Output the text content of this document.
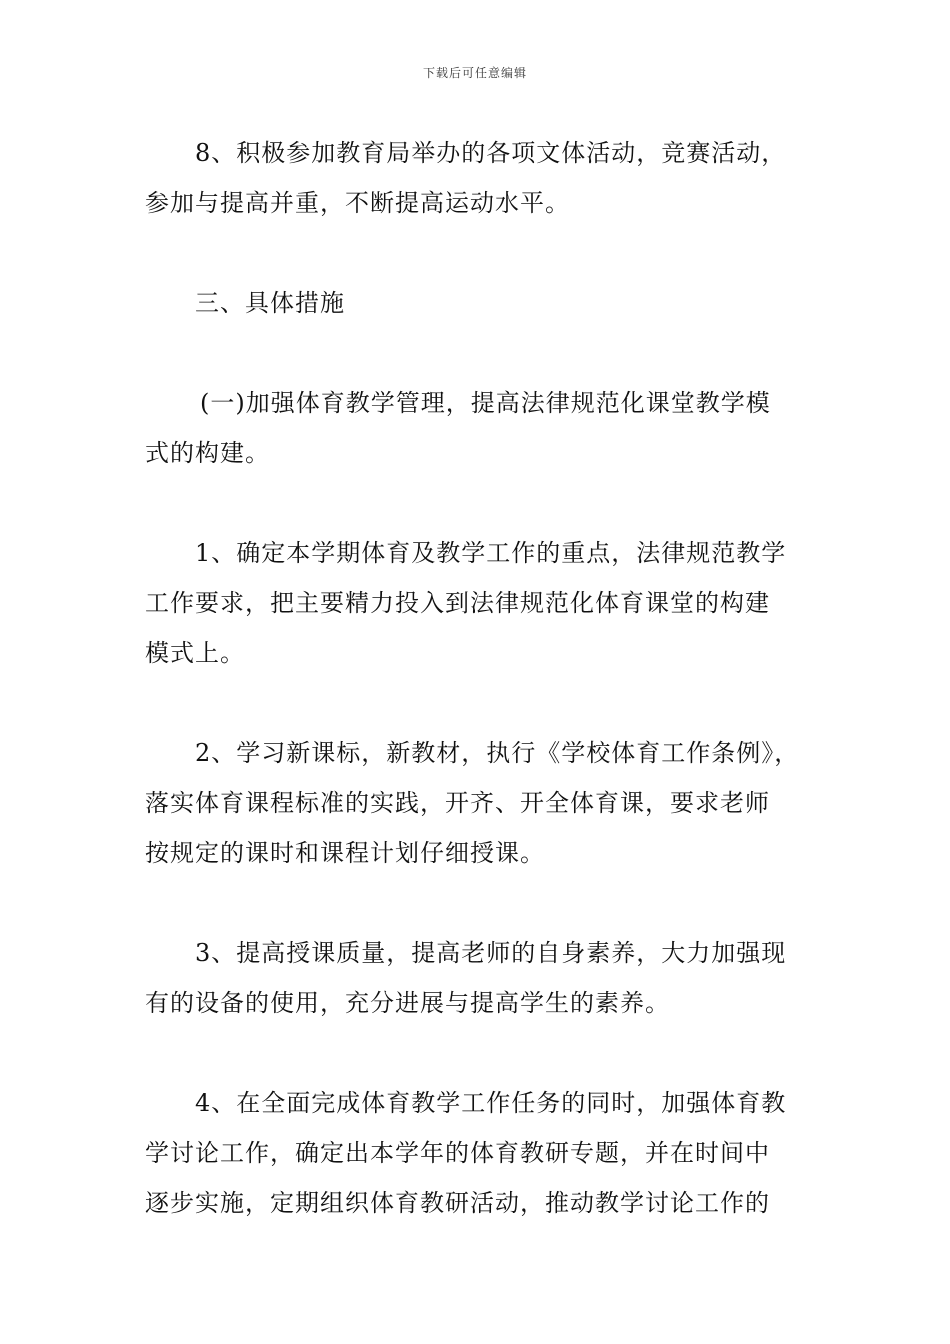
下载后可任意编辑

8、积极参加教育局举办的各项文体活动，竞赛活动，
参加与提高并重，不断提高运动水平。

三、具体措施

(一)加强体育教学管理，提高法律规范化课堂教学模
式的构建。

1、确定本学期体育及教学工作的重点，法律规范教学
工作要求，把主要精力投入到法律规范化体育课堂的构建
模式上。

2、学习新课标，新教材，执行《学校体育工作条例》，
落实体育课程标准的实践，开齐、开全体育课，要求老师
按规定的课时和课程计划仔细授课。

3、提高授课质量，提高老师的自身素养，大力加强现
有的设备的使用，充分进展与提高学生的素养。

4、在全面完成体育教学工作任务的同时，加强体育教
学讨论工作，确定出本学年的体育教研专题，并在时间中
逐步实施，定期组织体育教研活动，推动教学讨论工作的
